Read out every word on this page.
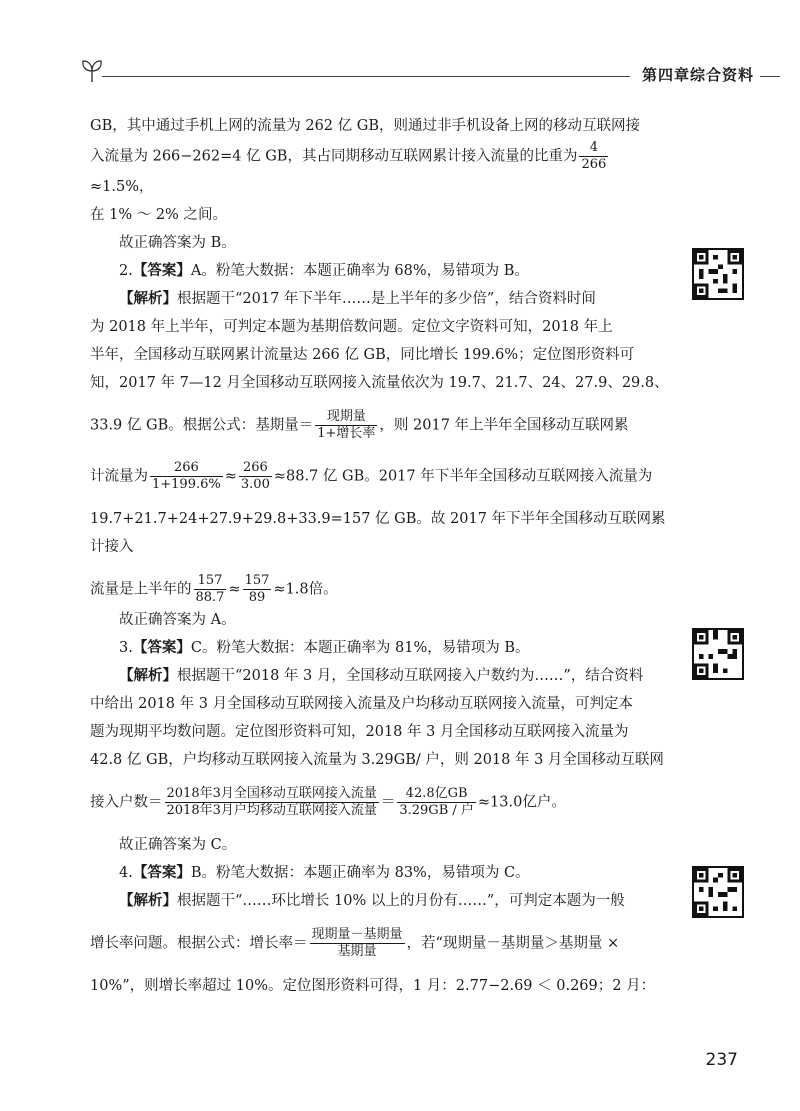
第四章 综合资料

GB，其中通过手机上网的流量为 262 亿 GB，则通过非手机设备上网的移动互联网接

入流量为 266−262=4 亿 GB，其占同期移动互联网累计接入流量的比重为 $\frac{4}{266}$
≈1.5%，

在 1% ～ 2% 之间。

故正确答案为 B。

2.【答案】A。粉笔大数据：本题正确率为 68%，易错项为 B。

【解析】根据题干“2017 年下半年……是上半年的多少倍”，结合资料时间

为 2018 年上半年，可判定本题为基期倍数问题。定位文字资料可知，2018 年上

半年，全国移动互联网累计流量达 266 亿 GB，同比增长 199.6%；定位图形资料可

知，2017 年 7—12 月全国移动互联网接入流量依次为 19.7、21.7、24、27.9、29.8、

33.9 亿 GB。根据公式：基期量＝ $\frac{\text{现期量}}{\text{1+增长率}}$ ，则 2017 年上半年全国移动互联网累

计流量为 $\frac{266}{1+199.6\%} \approx \frac{266}{3.00} \approx 88.7$ 亿 GB。2017 年下半年全国移动互联网接入流量为

19.7+21.7+24+27.9+29.8+33.9=157 亿 GB。故 2017 年下半年全国移动互联网累计接入

流量是上半年的 $\frac{157}{88.7} \approx \frac{157}{89} \approx 1.8$倍。

故正确答案为 A。

3.【答案】C。粉笔大数据：本题正确率为 81%，易错项为 B。

【解析】根据题干“2018 年 3 月，全国移动互联网接入户数约为……”，结合资料

中给出 2018 年 3 月全国移动互联网接入流量及户均移动互联网接入流量，可判定本

题为现期平均数问题。定位图形资料可知，2018 年 3 月全国移动互联网接入流量为

42.8 亿 GB，户均移动互联网接入流量为 3.29GB/ 户，则 2018 年 3 月全国移动互联网

接入户数＝ $\frac{\text{2018年3月全国移动互联网接入流量}}{\text{2018年3月户均移动互联网接入流量}} = \frac{\text{42.8亿GB}}{\text{3.29GB / 户}} \approx 13.0$亿户。

故正确答案为 C。

4.【答案】B。粉笔大数据：本题正确率为 83%，易错项为 C。

【解析】根据题干“……环比增长 10% 以上的月份有……”，可判定本题为一般

增长率问题。根据公式：增长率＝ $\frac{\text{现期量－基期量}}{\text{基期量}}$ ，若“现期量－基期量＞基期量 ×

10%”，则增长率超过 10%。定位图形资料可得，1 月：2.77−2.69 ＜ 0.269；2 月：

237
